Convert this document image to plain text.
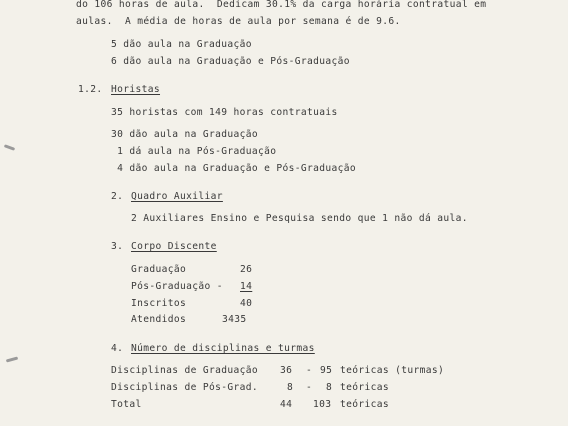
do 106 horas de aula.  Dedicam 30.1% da carga horária contratual em
aulas.  A média de horas de aula por semana é de 9.6.
5 dão aula na Graduação
6 dão aula na Graduação e Pós-Graduação
1.2. Horistas
35 horistas com 149 horas contratuais
30 dão aula na Graduação
1 dá aula na Pós-Graduação
4 dão aula na Graduação e Pós-Graduação
2. Quadro Auxiliar
2 Auxiliares Ensino e Pesquisa sendo que 1 não dá aula.
3. Corpo Discente
Graduação	26
Pós-Graduação - 14
Inscritos	40
Atendidos	3435
4. Número de disciplinas e turmas
Disciplinas de Graduação 36 - 95 teóricas (turmas)
Disciplinas de Pós-Grad.	8 - 8 teóricas
Total	44 103 teóricas
